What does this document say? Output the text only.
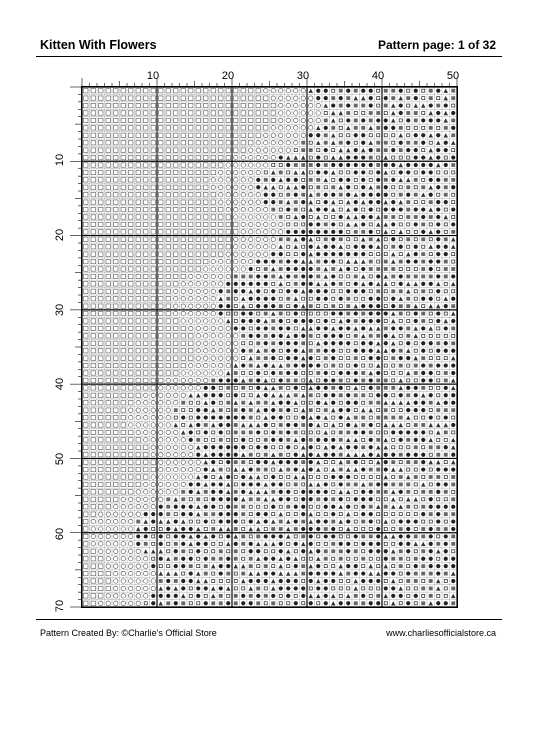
Kitten With Flowers	Pattern page: 1 of 32
10	20	30	40	50
10
20
30
40
50
60
70
Pattern Created By: ©Charlie's Official Store	www.charliesofficialstore.ca
